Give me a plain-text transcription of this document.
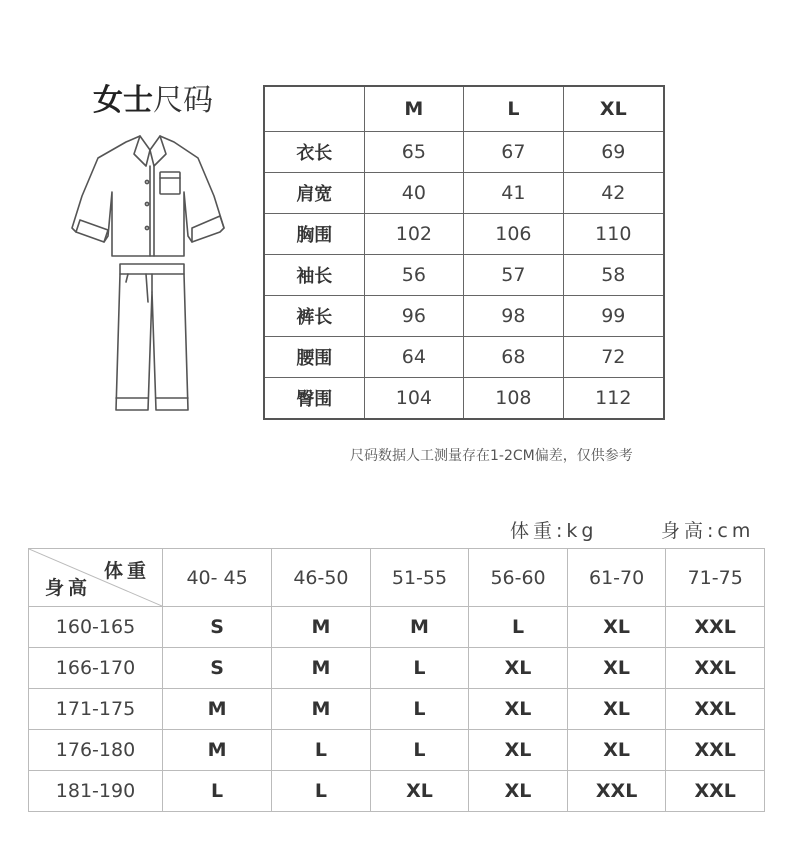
女士尺码
		M	L	XL
衣长	65	67	69
肩宽	40	41	42
胸围	102	106	110
袖长	56	57	58
裤长	96	98	99
腰围	64	68	72
臀围	104	108	112
尺码数据人工测量存在1-2CM偏差，仅供参考
体重:kg	身高:cm
体重
身高	40- 45	46-50	51-55	56-60	61-70	71-75
160-165	S	M	M	L	XL	XXL
166-170	S	M	L	XL	XL	XXL
171-175	M	M	L	XL	XL	XXL
176-180	M	L	L	XL	XL	XXL
181-190	L	L	XL	XL	XXL	XXL
